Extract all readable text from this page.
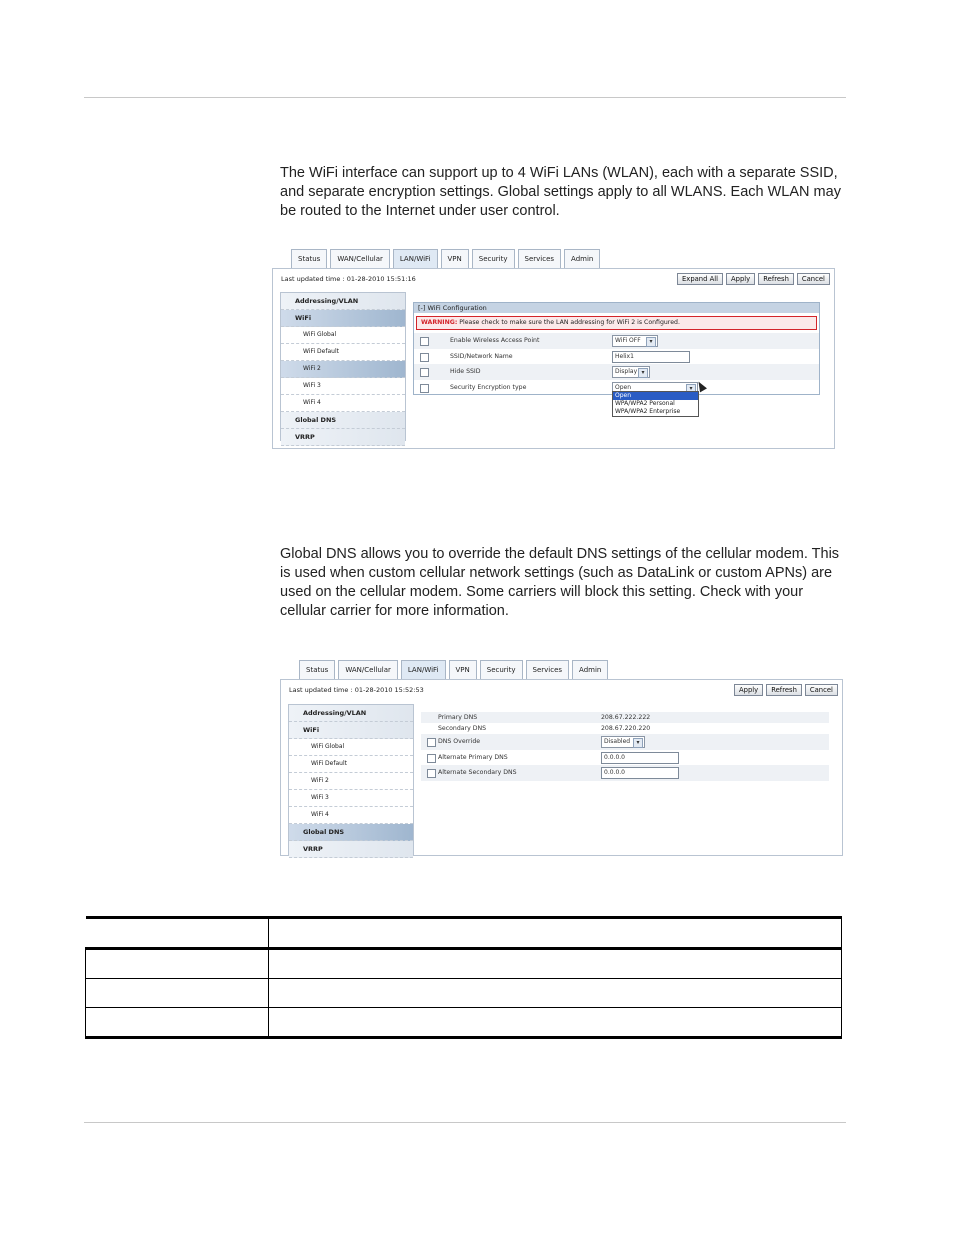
The WiFi interface can support up to 4 WiFi LANs (WLAN), each with a separate SSID, and separate encryption settings. Global settings apply to all WLANS. Each WLAN may be routed to the Internet under user control.

Status	WAN/Cellular	LAN/WiFi	VPN	Security	Services	Admin
Last updated time : 01-28-2010 15:51:16	Expand All	Apply	Refresh	Cancel
Addressing/VLAN
WiFi
WiFi Global
WiFi Default
WiFi 2
WiFi 3
WiFi 4
Global DNS
VRRP
[-] WiFi Configuration
WARNING: Please check to make sure the LAN addressing for WiFi 2 is Configured.
Enable Wireless Access Point	WiFi OFF	▾
SSID/Network Name	Helix1
Hide SSID	Display ▾
Security Encryption type	Open	▾
Open
WPA/WPA2 Personal
WPA/WPA2 Enterprise

Global DNS allows you to override the default DNS settings of the cellular modem. This is used when custom cellular network settings (such as DataLink or custom APNs) are used on the cellular modem. Some carriers will block this setting. Check with your cellular carrier for more information.

Status	WAN/Cellular	LAN/WiFi	VPN	Security	Services	Admin
Last updated time : 01-28-2010 15:52:53	Apply	Refresh	Cancel
Addressing/VLAN
WiFi
WiFi Global
WiFi Default
WiFi 2
WiFi 3
WiFi 4
Global DNS
VRRP
Primary DNS	208.67.222.222
Secondary DNS	208.67.220.220
DNS Override	Disabled	▾
Alternate Primary DNS	0.0.0.0
Alternate Secondary DNS	0.0.0.0
